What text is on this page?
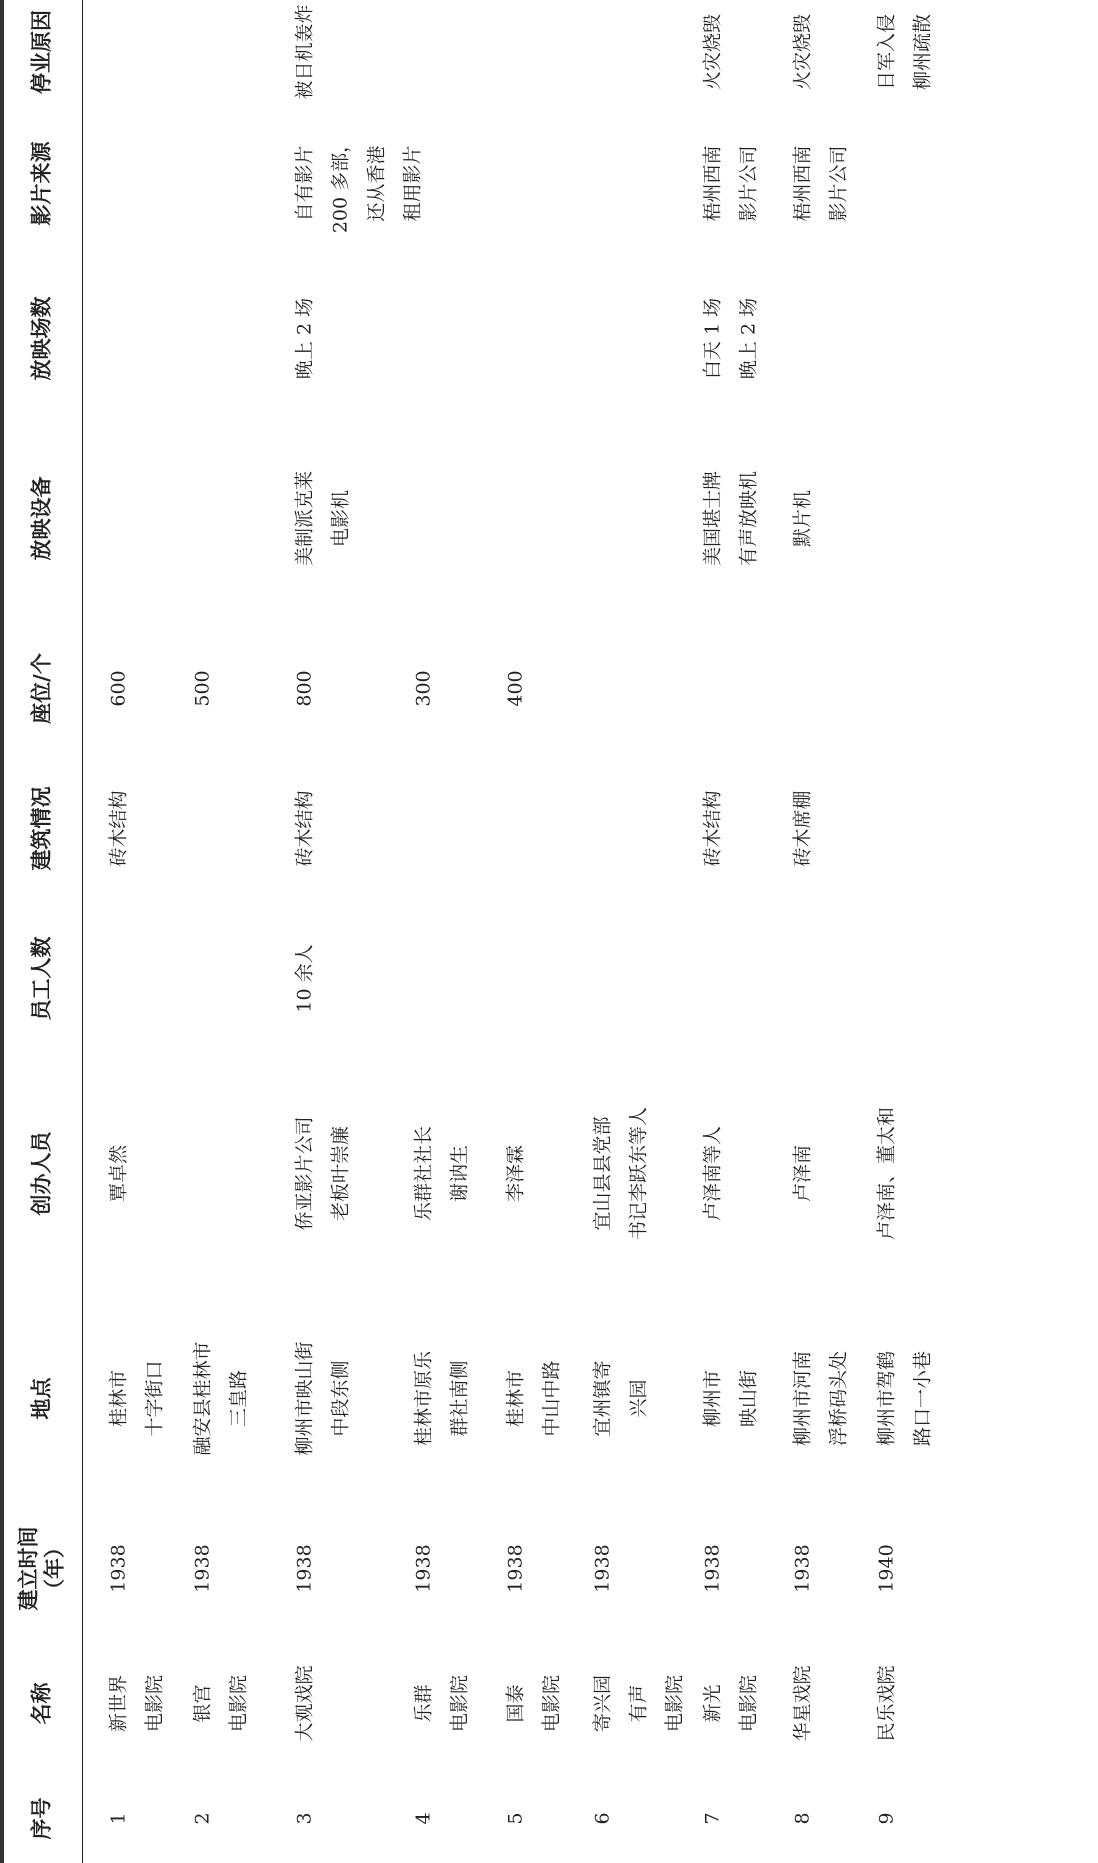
序号
名称
建立时间
（年）
地点
创办人员
员工人数
建筑情况
座位/个
放映设备
放映场数
影片来源
停业原因
1
新世界
电影院
1938
桂林市
十字街口
覃卓然
砖木结构
600
2
银宫
电影院
1938
融安县桂林市
三皇路
500
3
大观戏院
1938
柳州市映山街
中段东侧
侨亚影片公司
老板叶崇廉
10 余人
砖木结构
800
美制派克莱
电影机
晚上 2 场
自有影片
200 多部，
还从香港
租用影片
被日机轰炸
4
乐群
电影院
1938
桂林市原乐
群社南侧
乐群社社长
谢讷生
300
5
国泰
电影院
1938
桂林市
中山中路
李泽霖
400
6
寄兴园
有声
电影院
1938
宜州镇寄
兴园
宜山县县党部
书记李跃东等人
7
新光
电影院
1938
柳州市
映山街
卢泽南等人
砖木结构
美国堪士牌
有声放映机
白天 1 场
晚上 2 场
梧州西南
影片公司
火灾烧毁
8
华星戏院
1938
柳州市河南
浮桥码头处
卢泽南
砖木席棚
默片机
梧州西南
影片公司
火灾烧毁
9
民乐戏院
1940
柳州市驾鹤
路口一小巷
卢泽南、董太和
日军入侵
柳州疏散
